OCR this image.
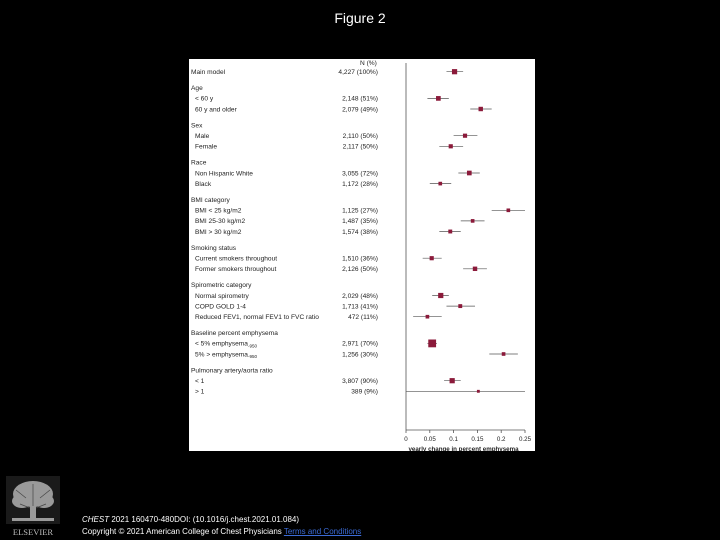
Figure 2
N (%)
Main model	4,227 (100%)
Age
< 60 y	2,148 (51%)
60 y and older	2,079 (49%)
Sex
Male	2,110 (50%)
Female	2,117 (50%)
Race
Non Hispanic White	3,055 (72%)
Black	1,172 (28%)
BMI category
BMI < 25 kg/m2	1,125 (27%)
BMI 25-30 kg/m2	1,487 (35%)
BMI > 30 kg/m2	1,574 (38%)
Smoking status
Current smokers throughout	1,510 (36%)
Former smokers throughout	2,126 (50%)
Spirometric category
Normal spirometry	2,029 (48%)
COPD GOLD 1-4	1,713 (41%)
Reduced FEV1, normal FEV1 to FVC ratio	472 (11%)
Baseline percent emphysema
< 5% emphysema$_{-950}$	2,971 (70%)
5% > emphysema$_{-950}$	1,256 (30%)
Pulmonary artery/aorta ratio
< 1	3,807 (90%)
> 1	389 (9%)
0	0.05 0.1 0.15 0.2 0.25
yearly change in percent emphysema
ELSEVIER
CHEST 2021 160470-480DOI: (10.1016/j.chest.2021.01.084)
Copyright © 2021 American College of Chest Physicians Terms and Conditions
